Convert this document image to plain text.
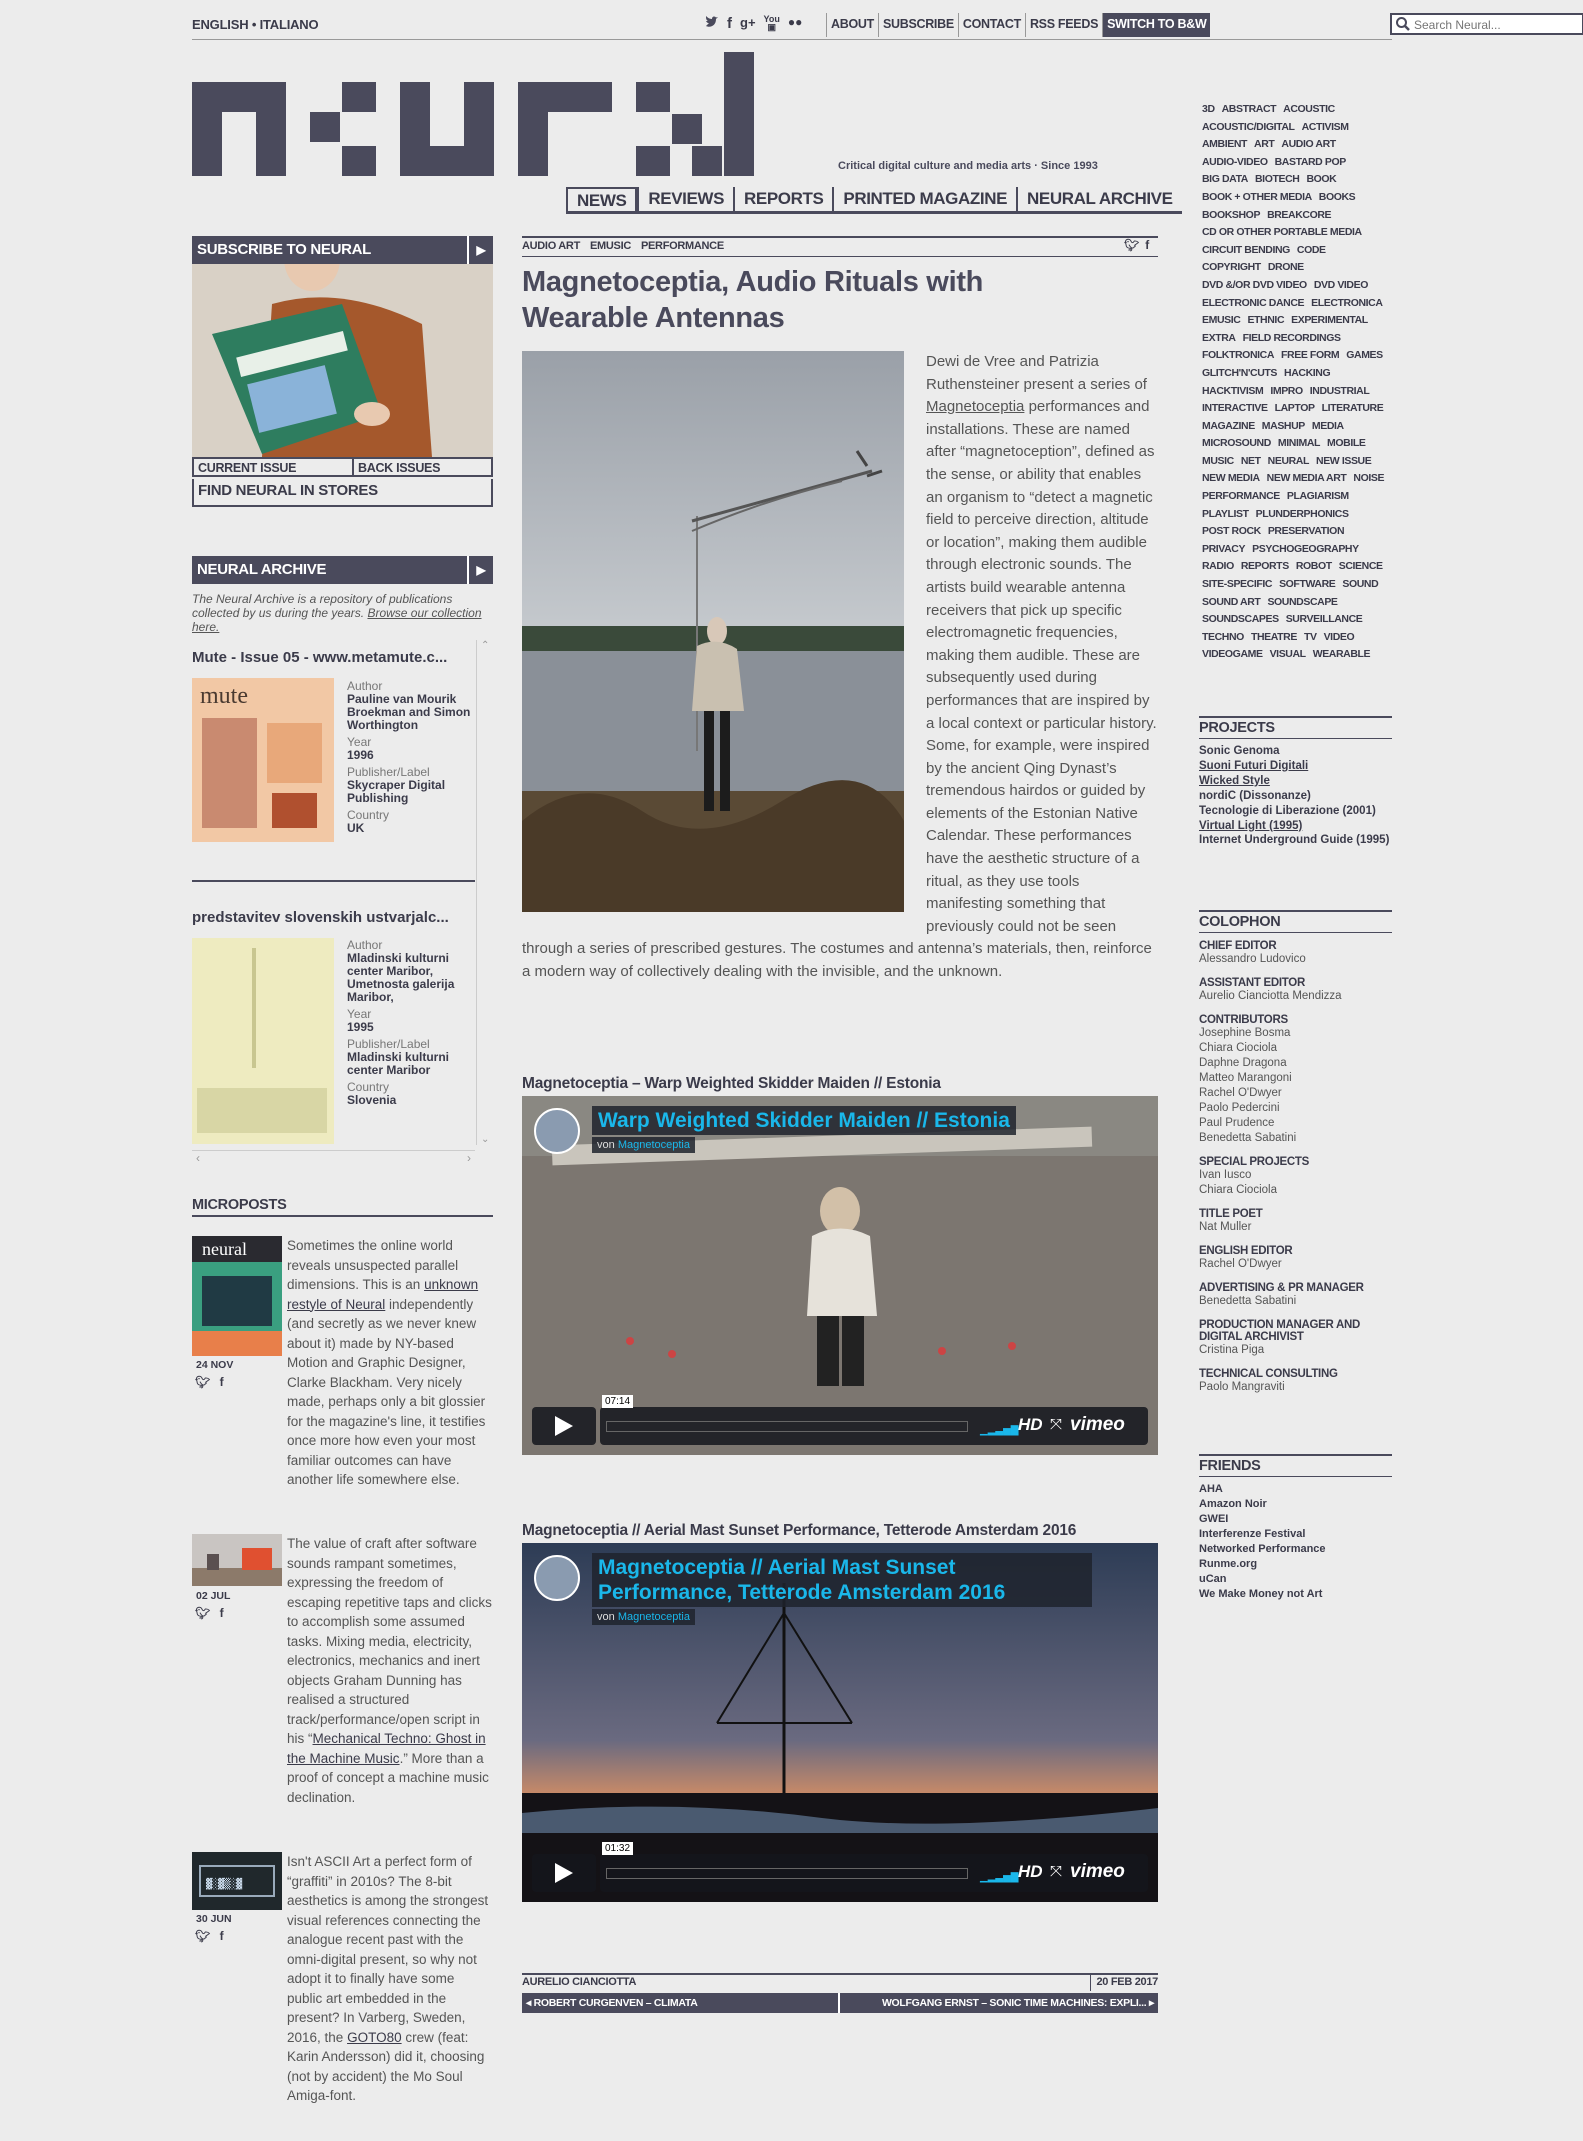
ENGLISH • ITALIANO	f g+ You
▣ ●●	ABOUT SUBSCRIBE CONTACT RSS FEEDS SWITCH TO B&W
Search Neural...
Critical digital culture and media arts · Since 1993
NEWS	REVIEWS	REPORTS	PRINTED MAGAZINE	NEURAL ARCHIVE
SUBSCRIBE TO NEURAL	▶
CURRENT ISSUE	BACK ISSUES
FIND NEURAL IN STORES
NEURAL ARCHIVE	▶
The Neural Archive is a repository of publications collected by us during the years. Browse our collection here.
Mute - Issue 05 - www.metamute.c...
mute	Author
Pauline van Mourik Broekman and Simon Worthington
Year
1996
Publisher/Label
Skycraper Digital Publishing
Country
UK
predstavitev slovenskih ustvarjalc...
Author
Mladinski kulturni center Maribor, Umetnosta galerija Maribor,
Year
1995
Publisher/Label
Mladinski kulturni center Maribor
Country
Slovenia
⌃
⌄
‹	›
MICROPOSTS
neural
24 NOV
🐦︎ f
Sometimes the online world reveals unsuspected parallel dimensions. This is an unknown restyle of Neural independently (and secretly as we never knew about it) made by NY-based Motion and Graphic Designer, Clarke Blackham. Very nicely made, perhaps only a bit glossier for the magazine's line, it testifies once more how even your most familiar outcomes can have another life somewhere else.
02 JUL
🐦︎ f
The value of craft after software sounds rampant sometimes, expressing the freedom of escaping repetitive taps and clicks to accomplish some assumed tasks. Mixing media, electricity, electronics, mechanics and inert objects Graham Dunning has realised a structured track/performance/open script in his “Mechanical Techno: Ghost in the Machine Music.” More than a proof of concept a machine music declination.
▓░▓▒░▓
30 JUN
🐦︎ f
Isn't ASCII Art a perfect form of “graffiti” in 2010s? The 8-bit aesthetics is among the strongest visual references connecting the analogue recent past with the omni-digital present, so why not adopt it to finally have some public art embedded in the present? In Varberg, Sweden, 2016, the GOTO80 crew (feat: Karin Andersson) did it, choosing (not by accident) the Mo Soul Amiga-font.
AUDIO ART EMUSIC PERFORMANCE	🐦︎ f
Magnetoceptia, Audio Rituals with Wearable Antennas
Dewi de Vree and Patrizia Ruthensteiner present a series of Magnetoceptia performances and installations. These are named after “magnetoception”, defined as the sense, or ability that enables an organism to “detect a magnetic field to perceive direction, altitude or location”, making them audible through electronic sounds. The artists build wearable antenna receivers that pick up specific electromagnetic frequencies, making them audible. These are subsequently used during performances that are inspired by a local context or particular history. Some, for example, were inspired by the ancient Qing Dynast’s tremendous hairdos or guided by elements of the Estonian Native Calendar. These performances have the aesthetic structure of a ritual, as they use tools manifesting something that previously could not be seen through a series of prescribed gestures. The costumes and antenna’s materials, then, reinforce a modern way of collectively dealing with the invisible, and the unknown.
Magnetoceptia – Warp Weighted Skidder Maiden // Estonia
Warp Weighted Skidder Maiden // Estonia
von Magnetoceptia
07:14
▁▂▃▅▇ HD ⤧ vimeo
Magnetoceptia // Aerial Mast Sunset Performance, Tetterode Amsterdam 2016
Magnetoceptia // Aerial Mast Sunset Performance, Tetterode Amsterdam 2016
von Magnetoceptia
01:32
▁▂▃▅▇ HD ⤧ vimeo
AURELIO CIANCIOTTA	20 FEB 2017
◂ ROBERT CURGENVEN – CLIMATA	WOLFGANG ERNST – SONIC TIME MACHINES: EXPLI... ▸
3D ABSTRACT ACOUSTICACOUSTIC/DIGITAL ACTIVISMAMBIENT ART AUDIO ARTAUDIO-VIDEO BASTARD POPBIG DATA BIOTECH BOOKBOOK + OTHER MEDIA BOOKSBOOKSHOP BREAKCORECD OR OTHER PORTABLE MEDIACIRCUIT BENDING CODECOPYRIGHT DRONEDVD &/OR DVD VIDEO DVD VIDEOELECTRONIC DANCE ELECTRONICAEMUSIC ETHNIC EXPERIMENTALEXTRA FIELD RECORDINGSFOLKTRONICA FREE FORM GAMESGLITCH'N'CUTS HACKINGHACKTIVISM IMPRO INDUSTRIALINTERACTIVE LAPTOP LITERATUREMAGAZINE MASHUP MEDIAMICROSOUND MINIMAL MOBILEMUSIC NET NEURAL NEW ISSUENEW MEDIA NEW MEDIA ART NOISEPERFORMANCE PLAGIARISMPLAYLIST PLUNDERPHONICSPOST ROCK PRESERVATIONPRIVACY PSYCHOGEOGRAPHYRADIO REPORTS ROBOT SCIENCESITE-SPECIFIC SOFTWARE SOUNDSOUND ART SOUNDSCAPESOUNDSCAPES SURVEILLANCETECHNO THEATRE TV VIDEOVIDEOGAME VISUAL WEARABLE
PROJECTS
Sonic Genoma
Suoni Futuri Digitali
Wicked Style
nordiC (Dissonanze)
Tecnologie di Liberazione (2001)
Virtual Light (1995)
Internet Underground Guide (1995)
COLOPHON
CHIEF EDITOR
Alessandro Ludovico
ASSISTANT EDITOR
Aurelio Cianciotta Mendizza
CONTRIBUTORS
Josephine Bosma
Chiara Ciociola
Daphne Dragona
Matteo Marangoni
Rachel O'Dwyer
Paolo Pedercini
Paul Prudence
Benedetta Sabatini
SPECIAL PROJECTS
Ivan Iusco
Chiara Ciociola
TITLE POET
Nat Muller
ENGLISH EDITOR
Rachel O'Dwyer
ADVERTISING & PR MANAGER
Benedetta Sabatini
PRODUCTION MANAGER AND DIGITAL ARCHIVIST
Cristina Piga
TECHNICAL CONSULTING
Paolo Mangraviti
FRIENDS
AHA
Amazon Noir
GWEI
Interferenze Festival
Networked Performance
Runme.org
uCan
We Make Money not Art
